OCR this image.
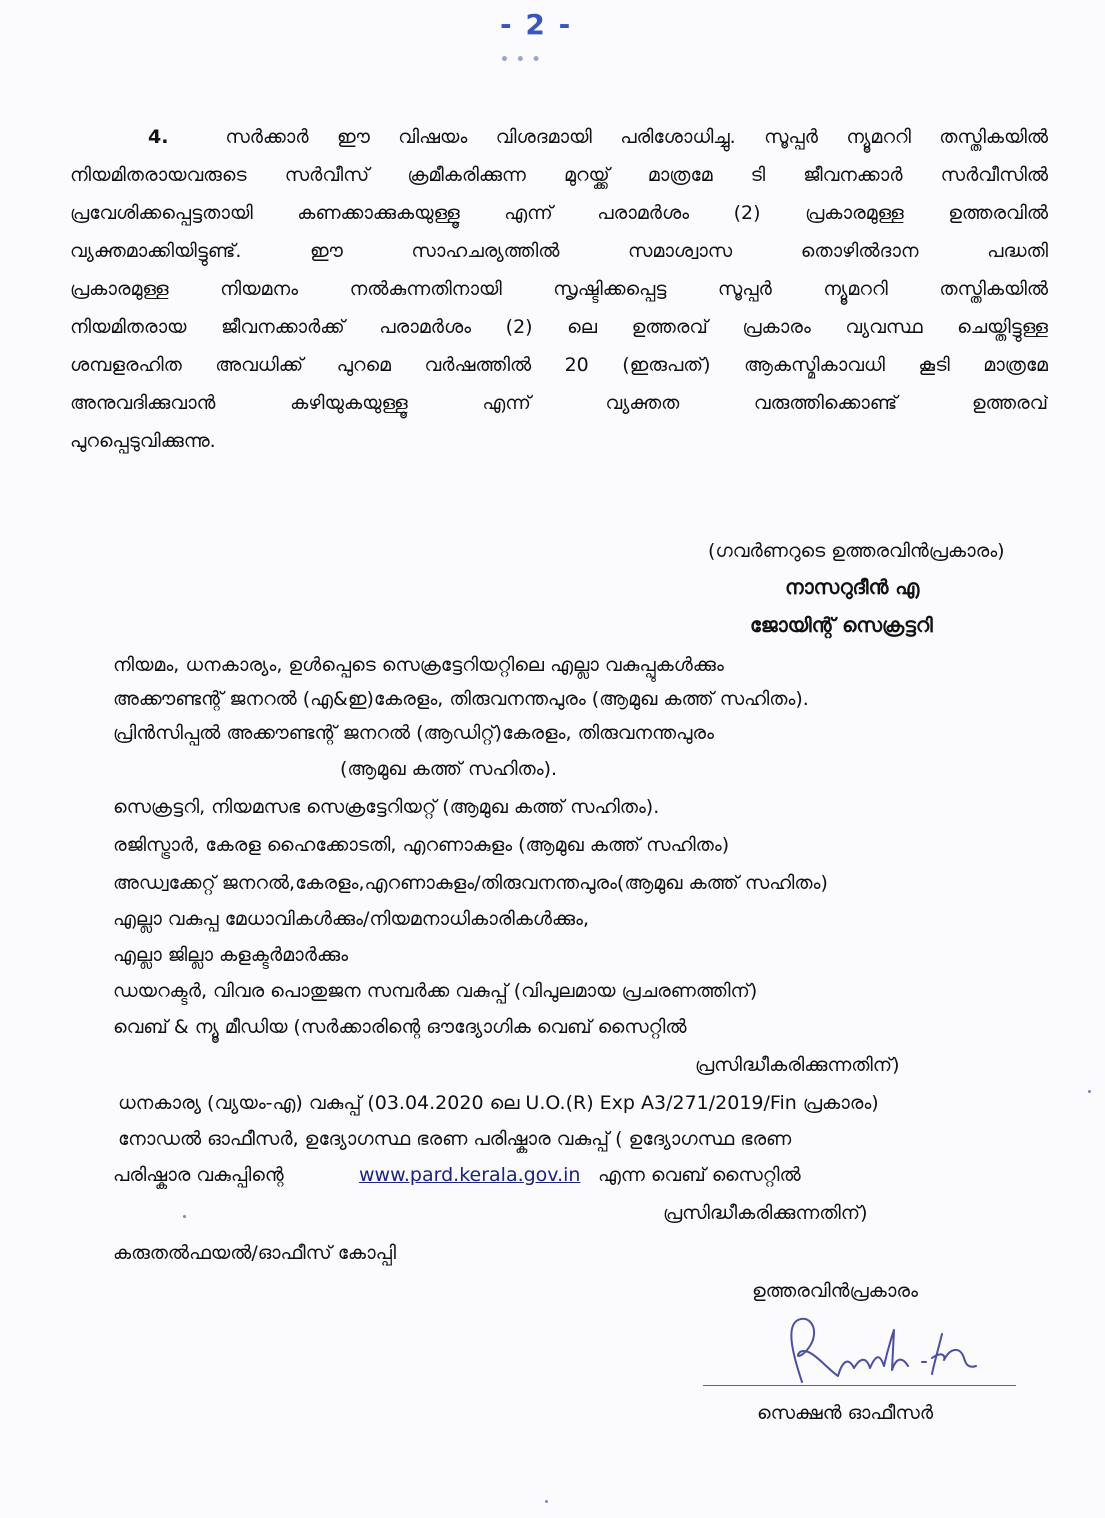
- 2 - • • •
4.	സർക്കാർ ഈ വിഷയം വിശദമായി പരിശോധിച്ചു. സൂപ്പർ ന്യൂമററി തസ്തികയിൽ
നിയമിതരായവരുടെ സർവീസ് ക്രമീകരിക്കുന്ന മുറയ്ക്ക് മാത്രമേ ടി ജീവനക്കാർ സർവീസിൽ
പ്രവേശിക്കപ്പെട്ടതായി കണക്കാക്കുകയുള്ളൂ എന്ന് പരാമർശം (2) പ്രകാരമുള്ള ഉത്തരവിൽ
വ്യക്തമാക്കിയിട്ടുണ്ട്. ഈ സാഹചര്യത്തിൽ സമാശ്വാസ തൊഴിൽദാന പദ്ധതി
പ്രകാരമുള്ള നിയമനം നൽകുന്നതിനായി സൃഷ്ടിക്കപ്പെട്ട സൂപ്പർ ന്യൂമററി തസ്തികയിൽ
നിയമിതരായ ജീവനക്കാർക്ക് പരാമർശം (2) ലെ ഉത്തരവ് പ്രകാരം വ്യവസ്ഥ ചെയ്തിട്ടുള്ള
ശമ്പളരഹിത അവധിക്ക് പുറമെ വർഷത്തിൽ 20 (ഇരുപത്) ആകസ്മികാവധി കൂടി മാത്രമേ
അനുവദിക്കുവാൻ കഴിയുകയുള്ളൂ എന്ന് വ്യക്തത വരുത്തിക്കൊണ്ട് ഉത്തരവ്
പുറപ്പെടുവിക്കുന്നു.
(ഗവർണറുടെ ഉത്തരവിൻപ്രകാരം)
നാസറുദീൻ എ
ജോയിന്റ് സെക്രട്ടറി
നിയമം, ധനകാര്യം, ഉൾപ്പെടെ സെക്രട്ടേറിയറ്റിലെ എല്ലാ വകുപ്പുകൾക്കും
അക്കൗണ്ടന്റ് ജനറൽ (എ&ഇ)കേരളം, തിരുവനന്തപുരം (ആമുഖ കത്ത് സഹിതം).
പ്രിൻസിപ്പൽ അക്കൗണ്ടന്റ് ജനറൽ (ആഡിറ്റ്)കേരളം, തിരുവനന്തപുരം
(ആമുഖ കത്ത് സഹിതം).
സെക്രട്ടറി, നിയമസഭ സെക്രട്ടേറിയറ്റ് (ആമുഖ കത്ത് സഹിതം).
രജിസ്ട്രാർ, കേരള ഹൈക്കോടതി, എറണാകുളം (ആമുഖ കത്ത് സഹിതം)
അഡ്വക്കേറ്റ് ജനറൽ,കേരളം,എറണാകുളം/തിരുവനന്തപുരം(ആമുഖ കത്ത് സഹിതം)
എല്ലാ വകുപ്പ മേധാവികൾക്കും/നിയമനാധികാരികൾക്കും,
എല്ലാ ജില്ലാ കളക്ടർമാർക്കും
ഡയറക്ടർ, വിവര പൊതുജന സമ്പർക്ക വകുപ്പ് (വിപുലമായ പ്രചരണത്തിന്)
വെബ് & ന്യൂ മീഡിയ (സർക്കാരിന്റെ ഔദ്യോഗിക വെബ് സൈറ്റിൽ
പ്രസിദ്ധീകരിക്കുന്നതിന്)
ധനകാര്യ (വ്യയം-എ) വകുപ്പ് (03.04.2020 ലെ U.O.(R) Exp A3/271/2019/Fin പ്രകാരം)
നോഡൽ ഓഫീസർ, ഉദ്യോഗസ്ഥ ഭരണ പരിഷ്കാര വകുപ്പ് ( ഉദ്യോഗസ്ഥ ഭരണ
പരിഷ്കാര വകുപ്പിന്റെ	www.pard.kerala.gov.in എന്ന വെബ് സൈറ്റിൽ
പ്രസിദ്ധീകരിക്കുന്നതിന്)
കരുതൽഫയൽ/ഓഫീസ് കോപ്പി
ഉത്തരവിൻപ്രകാരം
സെക്ഷൻ ഓഫീസർ
